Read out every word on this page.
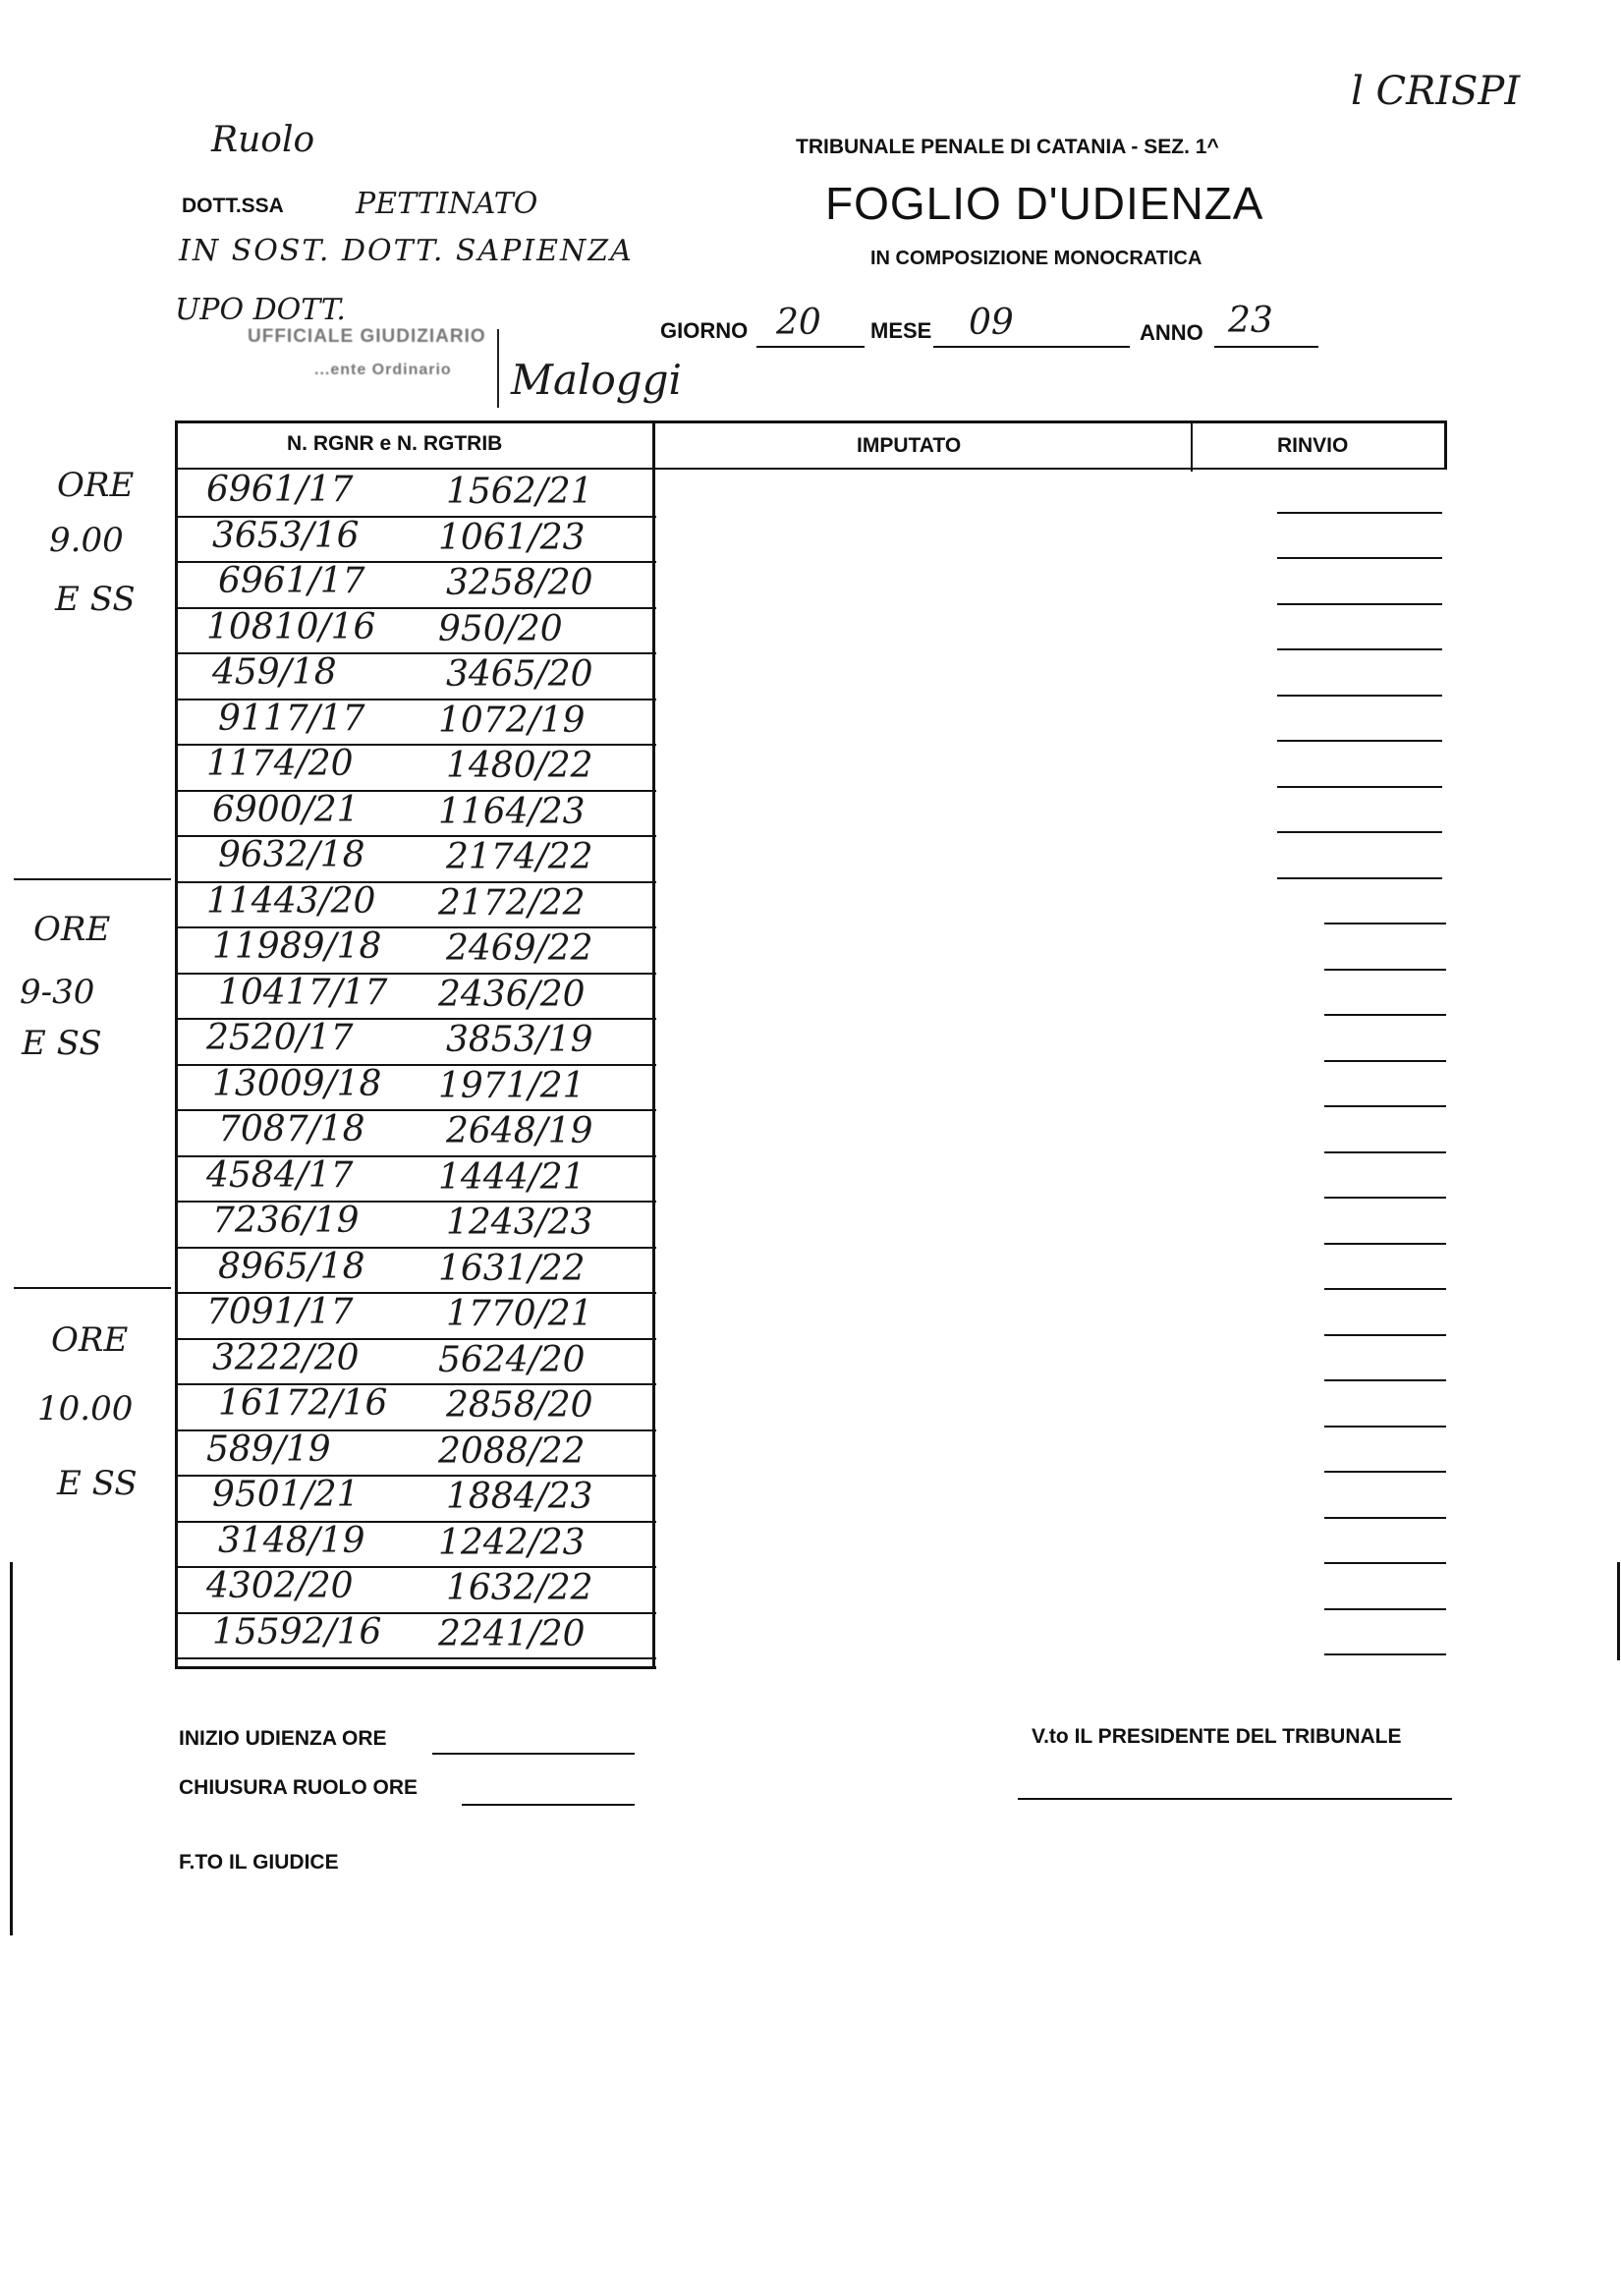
l CRISPI
Ruolo
DOTT.SSA PETTINATO
IN SOST. DOTT. SAPIENZA
UPO DOTT.
UFFICIALE GIUDIZIARIO
...ente Ordinario Maloggi
TRIBUNALE PENALE DI CATANIA - SEZ. 1^
FOGLIO D'UDIENZA
IN COMPOSIZIONE MONOCRATICA
GIORNO 20 MESE 09	ANNO 23
N. RGNR e N. RGTRIB	IMPUTATO	RINVIO
6961/17	1562/21
3653/16 1061/23
6961/17 3258/20
10810/16 950/20
459/18	3465/20
9117/17 1072/19
1174/20	1480/22
6900/21 1164/23
9632/18 2174/22
11443/20 2172/22
11989/18 2469/22
10417/17 2436/20
2520/17	3853/19
13009/18 1971/21
7087/18 2648/19
4584/17 1444/21
7236/19 1243/23
8965/18 1631/22
7091/17	1770/21
3222/20 5624/20
16172/16 2858/20
589/19	2088/22
9501/21 1884/23
3148/19 1242/23
4302/20	1632/22
15592/16 2241/20
ORE
9.00
E SS
ORE
9-30
E SS
ORE
10.00
E SS
INIZIO UDIENZA ORE
CHIUSURA RUOLO ORE
F.TO IL GIUDICE
V.to IL PRESIDENTE DEL TRIBUNALE
